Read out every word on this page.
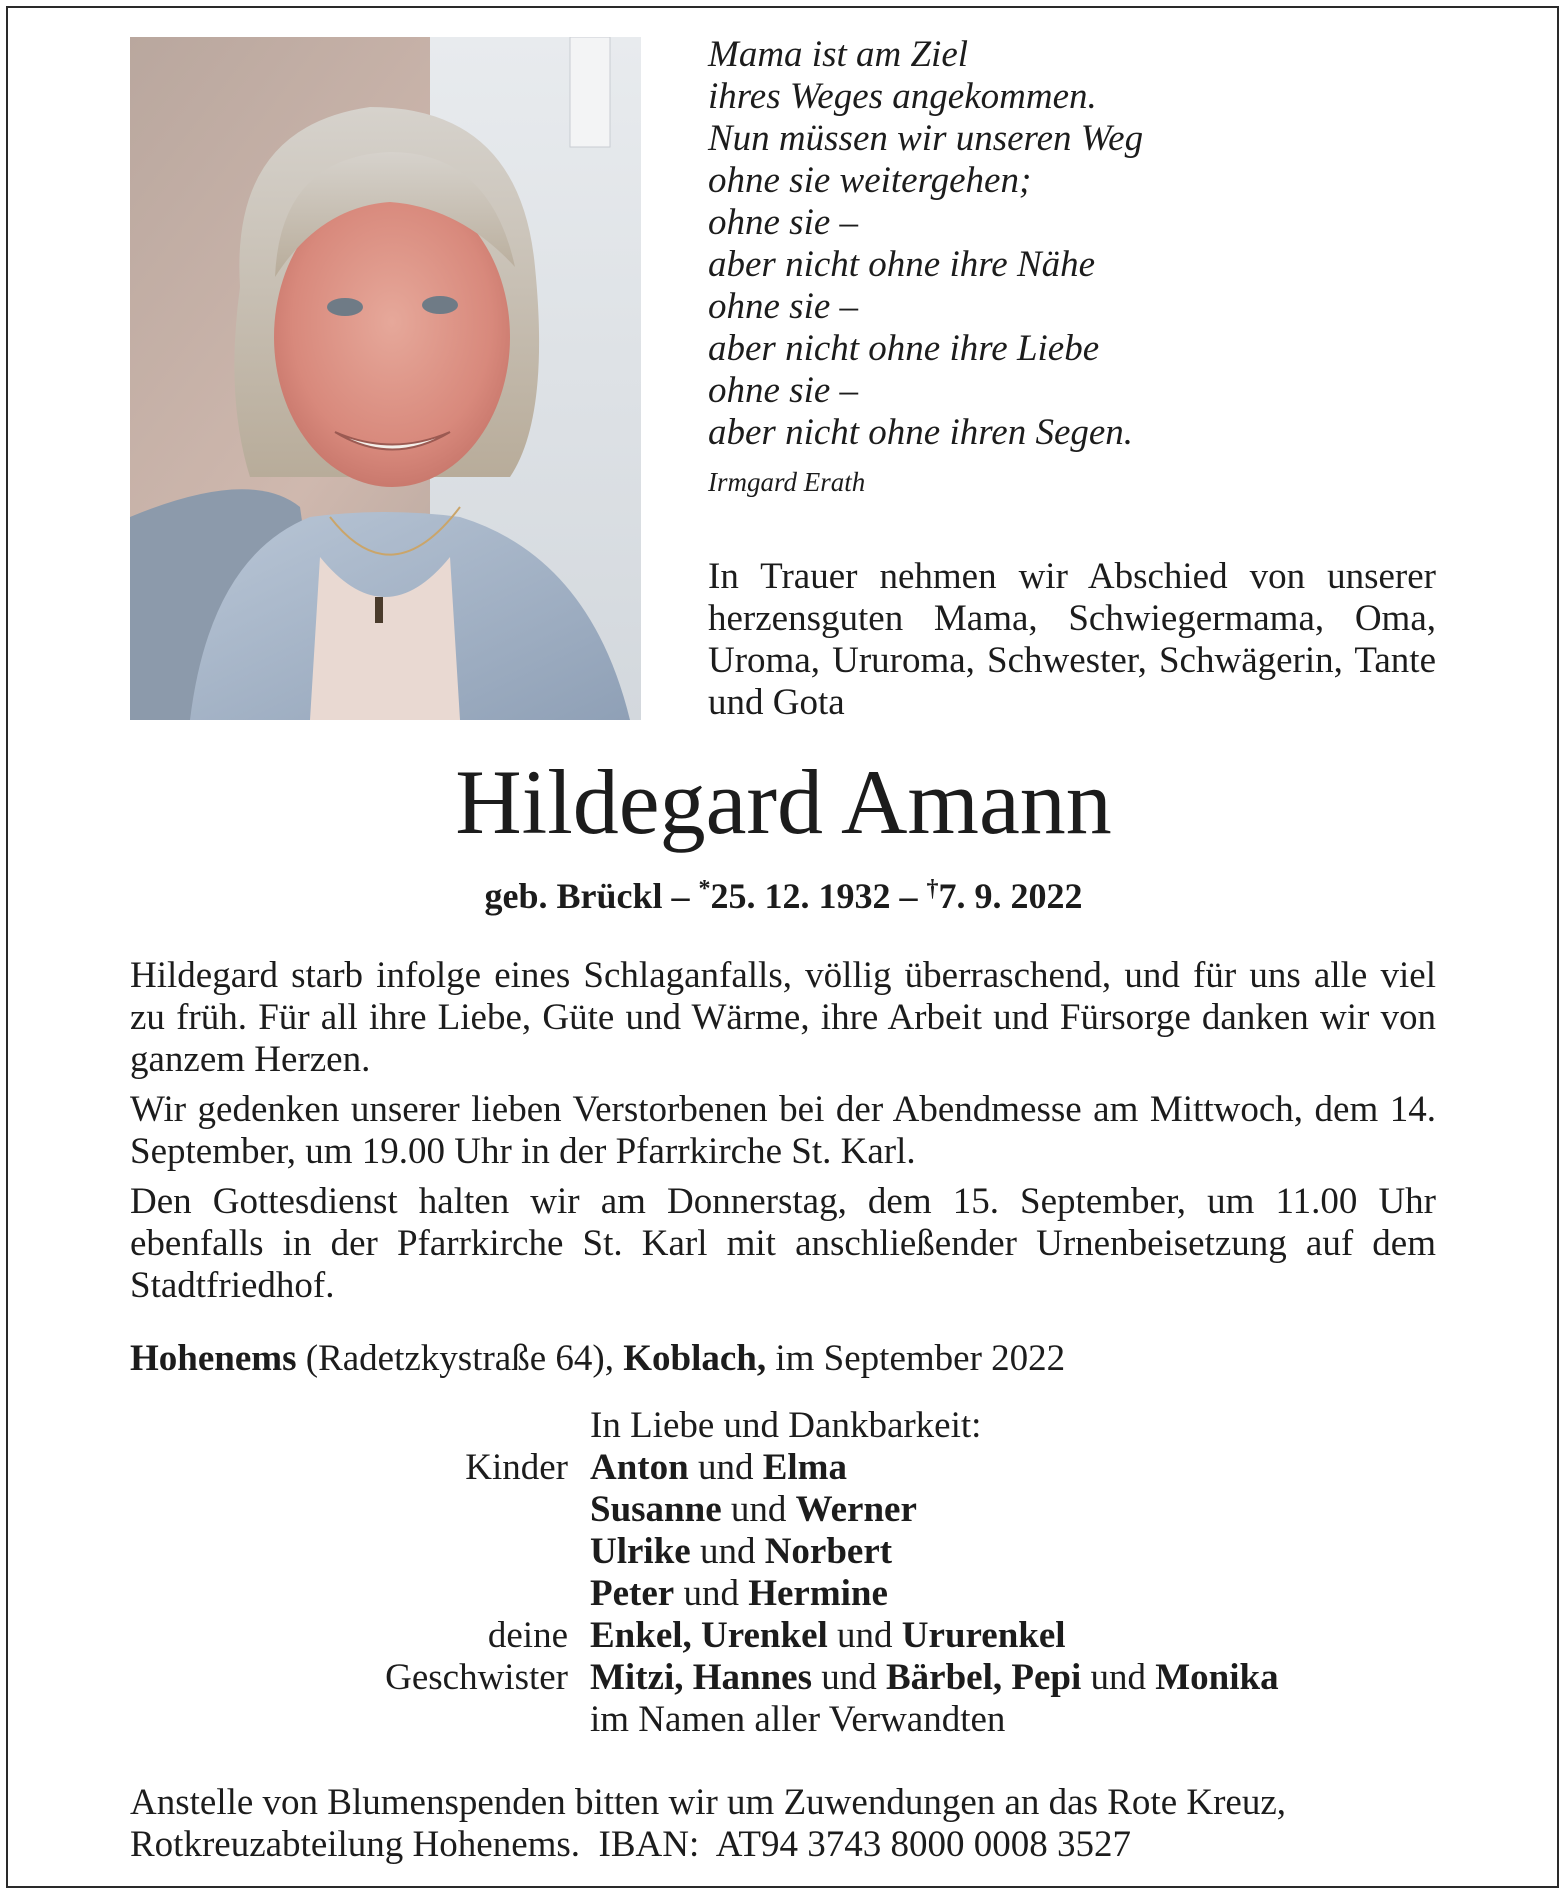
Mama ist am Ziel
ihres Weges angekommen.
Nun müssen wir unseren Weg
ohne sie weitergehen;
ohne sie –
aber nicht ohne ihre Nähe
ohne sie –
aber nicht ohne ihre Liebe
ohne sie –
aber nicht ohne ihren Segen.
Irmgard Erath
In Trauer nehmen wir Abschied von unserer herzensguten Mama, Schwiegermama, Oma, Uroma, Ururoma, Schwester, Schwägerin, Tante und Gota
Hildegard Amann
geb. Brückl – *25. 12. 1932 – †7. 9. 2022

Hildegard starb infolge eines Schlaganfalls, völlig überraschend, und für uns alle viel zu früh. Für all ihre Liebe, Güte und Wärme, ihre Arbeit und Fürsorge danken wir von ganzem Herzen.

Wir gedenken unserer lieben Verstorbenen bei der Abendmesse am Mittwoch, dem 14. September, um 19.00 Uhr in der Pfarrkirche St. Karl.

Den Gottesdienst halten wir am Donnerstag, dem 15. September, um 11.00 Uhr ebenfalls in der Pfarrkirche St. Karl mit anschließender Urnenbeisetzung auf dem Stadtfriedhof.

Hohenems (Radetzkystraße 64), Koblach, im September 2022
In Liebe und Dankbarkeit:
Kinder Anton und Elma
Susanne und Werner
Ulrike und Norbert
Peter und Hermine
deine Enkel, Urenkel und Ururenkel
Geschwister Mitzi, Hannes und Bärbel, Pepi und Monika
im Namen aller Verwandten
Anstelle von Blumenspenden bitten wir um Zuwendungen an das Rote Kreuz,
Rotkreuzabteilung Hohenems.  IBAN:  AT94 3743 8000 0008 3527
